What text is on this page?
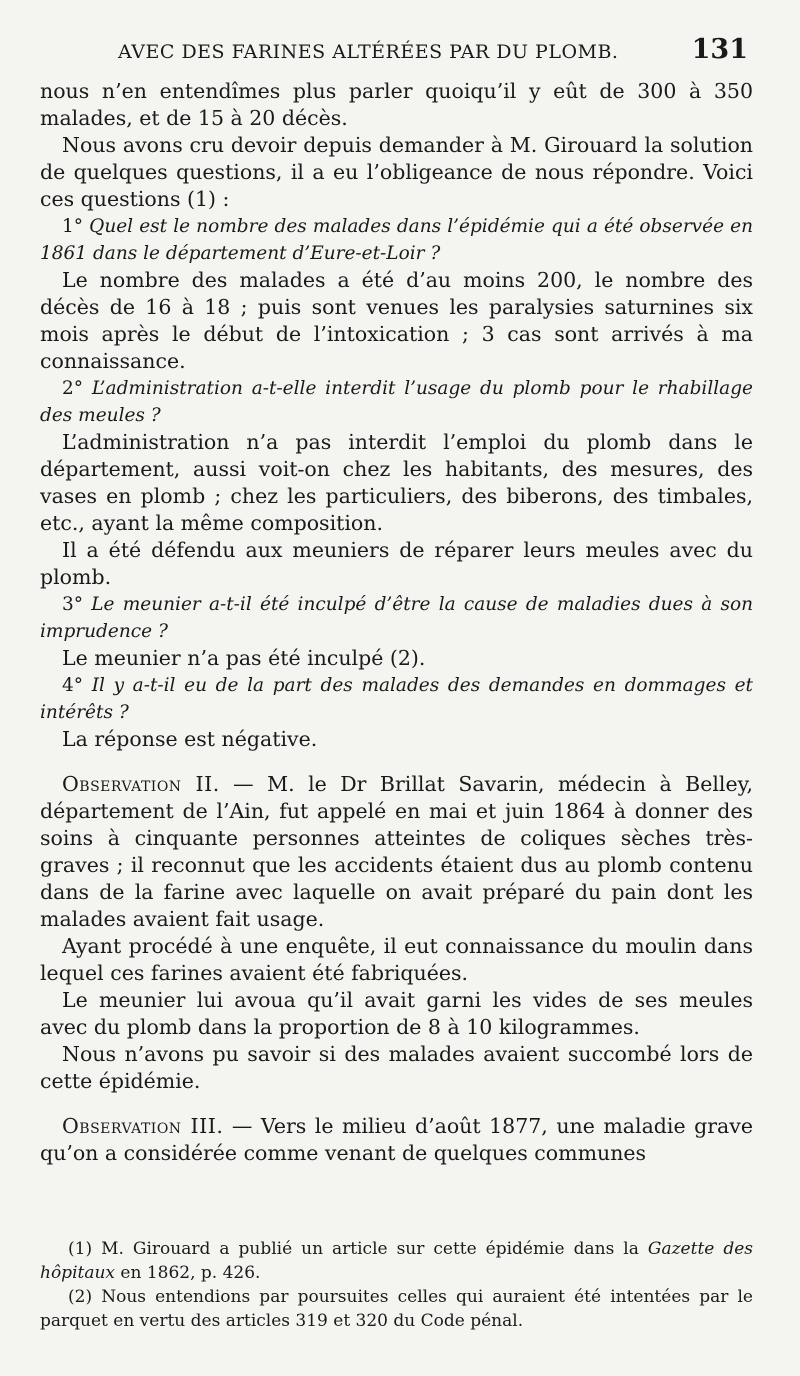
AVEC DES FARINES ALTÉRÉES PAR DU PLOMB.	131

nous n’en entendîmes plus parler quoiqu’il y eût de 300 à 350 malades, et de 15 à 20 décès.

Nous avons cru devoir depuis demander à M. Girouard la solution de quelques questions, il a eu l’obligeance de nous répondre. Voici ces questions (1) :

1° Quel est le nombre des malades dans l’épidémie qui a été observée en 1861 dans le département d’Eure-et-Loir ?

Le nombre des malades a été d’au moins 200, le nombre des décès de 16 à 18 ; puis sont venues les paralysies saturnines six mois après le début de l’intoxication ; 3 cas sont arrivés à ma connaissance.

2° L’administration a-t-elle interdit l’usage du plomb pour le rhabillage des meules ?

L’administration n’a pas interdit l’emploi du plomb dans le département, aussi voit-on chez les habitants, des mesures, des vases en plomb ; chez les particuliers, des biberons, des timbales, etc., ayant la même composition.

Il a été défendu aux meuniers de réparer leurs meules avec du plomb.

3° Le meunier a-t-il été inculpé d’être la cause de maladies dues à son imprudence ?

Le meunier n’a pas été inculpé (2).

4° Il y a-t-il eu de la part des malades des demandes en dommages et intérêts ?

La réponse est négative.

Observation II. — M. le Dr Brillat Savarin, médecin à Belley, département de l’Ain, fut appelé en mai et juin 1864 à donner des soins à cinquante personnes atteintes de coliques sèches très-graves ; il reconnut que les accidents étaient dus au plomb contenu dans de la farine avec laquelle on avait préparé du pain dont les malades avaient fait usage.

Ayant procédé à une enquête, il eut connaissance du moulin dans lequel ces farines avaient été fabriquées.

Le meunier lui avoua qu’il avait garni les vides de ses meules avec du plomb dans la proportion de 8 à 10 kilogrammes.

Nous n’avons pu savoir si des malades avaient succombé lors de cette épidémie.

Observation III. — Vers le milieu d’août 1877, une maladie grave qu’on a considérée comme venant de quelques communes

(1) M. Girouard a publié un article sur cette épidémie dans la Gazette des hôpitaux en 1862, p. 426.

(2) Nous entendions par poursuites celles qui auraient été intentées par le parquet en vertu des articles 319 et 320 du Code pénal.
